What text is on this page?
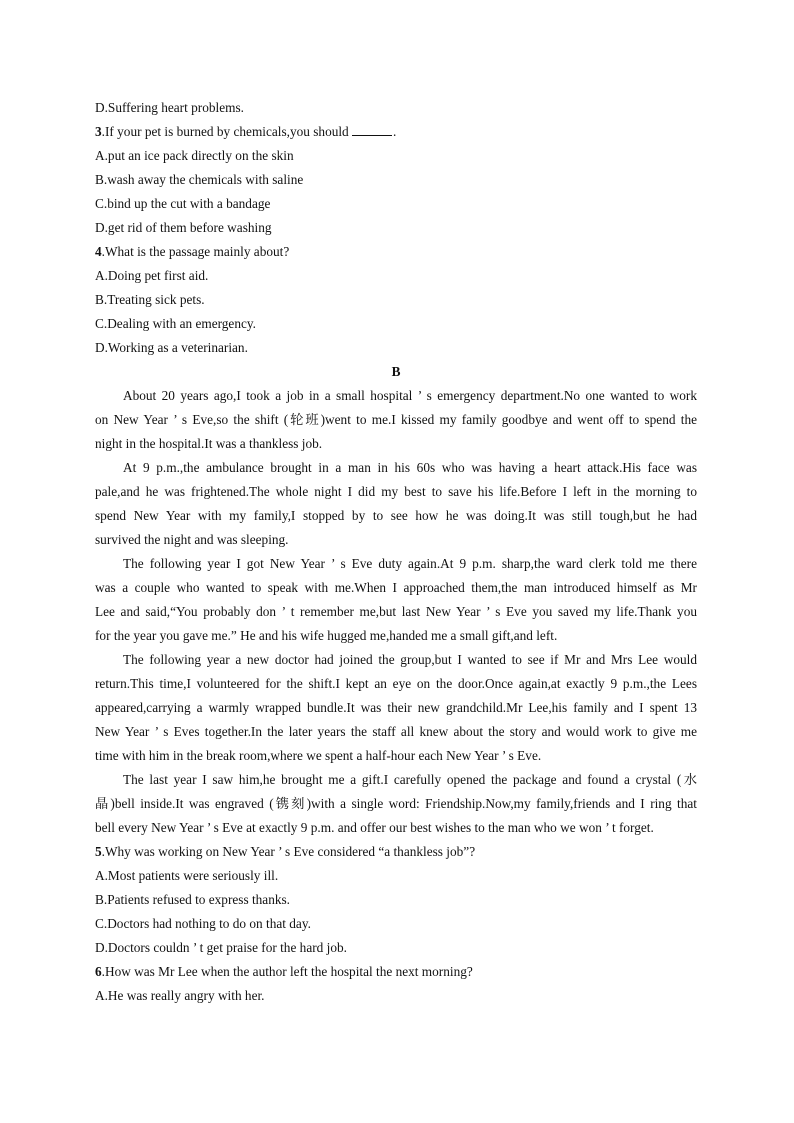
D.Suffering heart problems.
3.If your pet is burned by chemicals,you should	.
A.put an ice pack directly on the skin
B.wash away the chemicals with saline
C.bind up the cut with a bandage
D.get rid of them before washing
4.What is the passage mainly about?
A.Doing pet first aid.
B.Treating sick pets.
C.Dealing with an emergency.
D.Working as a veterinarian.
B
About 20 years ago,I took a job in a small hospital ’ s emergency department.No one wanted to work
on New Year ’ s Eve,so the shift (轮班)went to me.I kissed my family goodbye and went off to spend the
night in the hospital.It was a thankless job.
At 9 p.m.,the ambulance brought in a man in his 60s who was having a heart attack.His face was
pale,and he was frightened.The whole night I did my best to save his life.Before I left in the morning to
spend New Year with my family,I stopped by to see how he was doing.It was still tough,but he had
survived the night and was sleeping.
The following year I got New Year ’ s Eve duty again.At 9 p.m. sharp,the ward clerk told me there
was a couple who wanted to speak with me.When I approached them,the man introduced himself as Mr
Lee and said,“You probably don ’ t remember me,but last New Year ’ s Eve you saved my life.Thank you
for the year you gave me.” He and his wife hugged me,handed me a small gift,and left.
The following year a new doctor had joined the group,but I wanted to see if Mr and Mrs Lee would
return.This time,I volunteered for the shift.I kept an eye on the door.Once again,at exactly 9 p.m.,the Lees
appeared,carrying a warmly wrapped bundle.It was their new grandchild.Mr Lee,his family and I spent 13
New Year ’ s Eves together.In the later years the staff all knew about the story and would work to give me
time with him in the break room,where we spent a half-hour each New Year ’ s Eve.
The last year I saw him,he brought me a gift.I carefully opened the package and found a crystal (水
晶)bell inside.It was engraved (镌刻)with a single word: Friendship.Now,my family,friends and I ring that
bell every New Year ’ s Eve at exactly 9 p.m. and offer our best wishes to the man who we won ’ t forget.
5.Why was working on New Year ’ s Eve considered “a thankless job”?
A.Most patients were seriously ill.
B.Patients refused to express thanks.
C.Doctors had nothing to do on that day.
D.Doctors couldn ’ t get praise for the hard job.
6.How was Mr Lee when the author left the hospital the next morning?
A.He was really angry with her.
